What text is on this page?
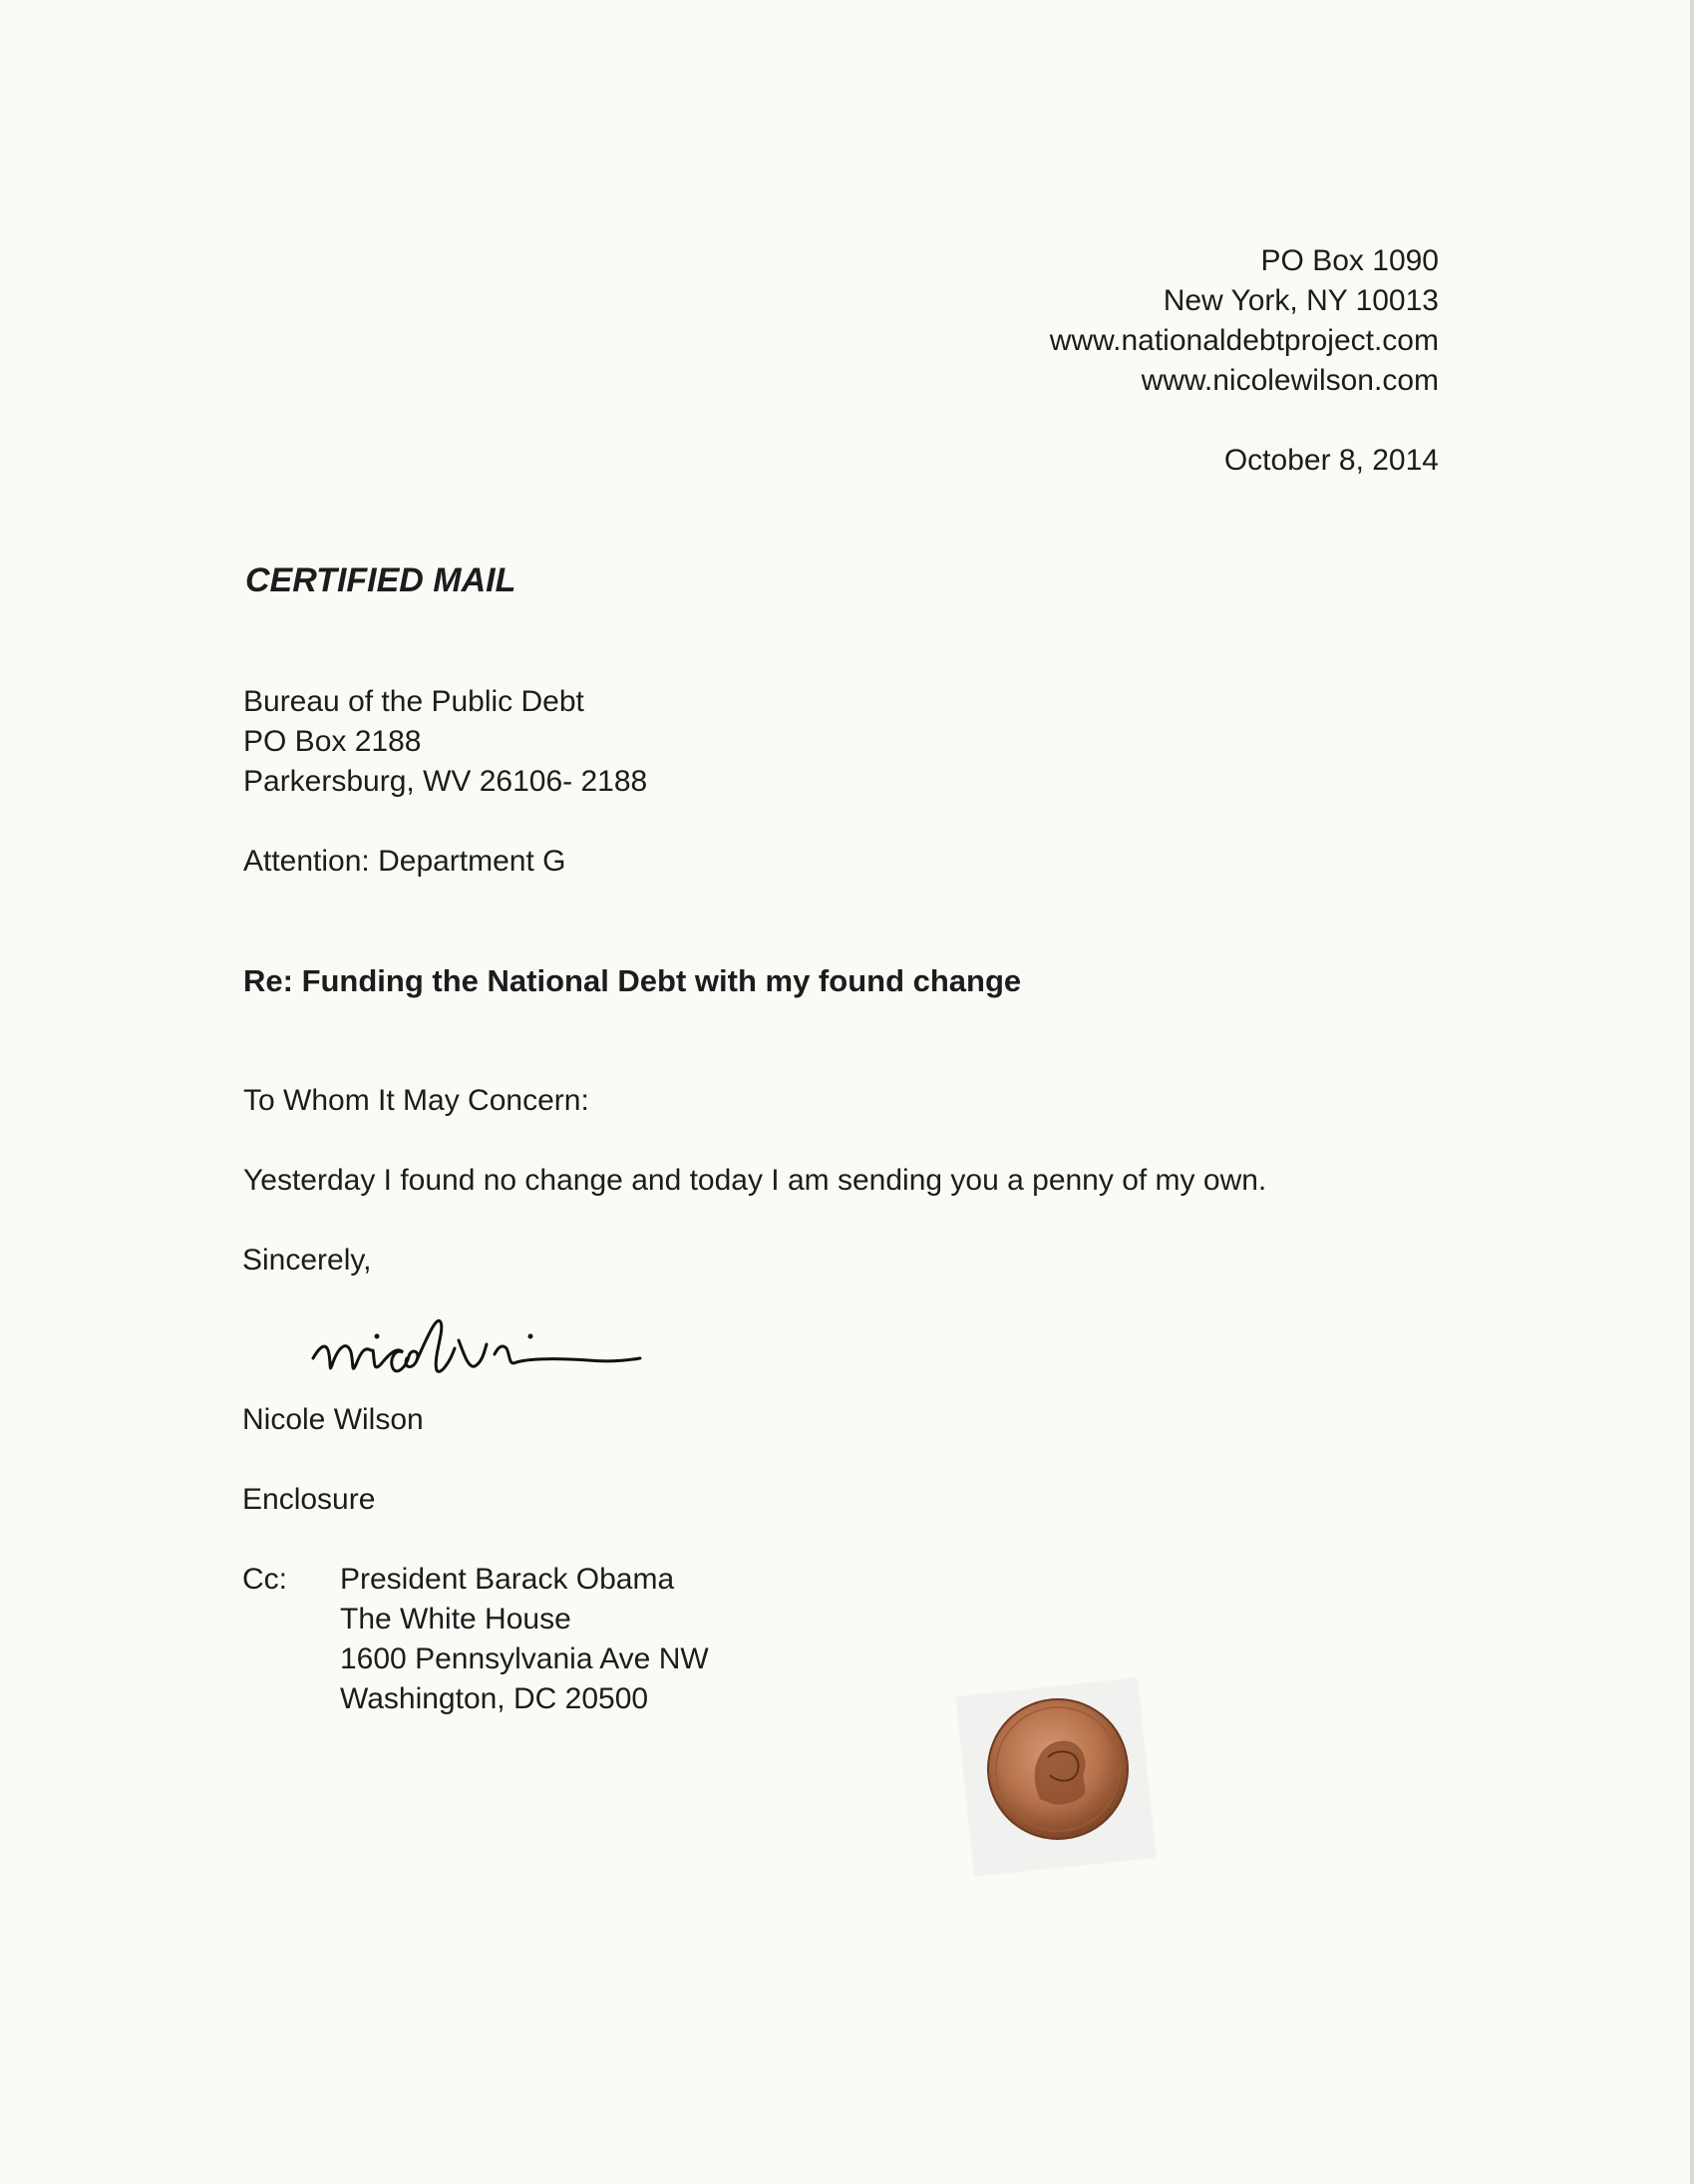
PO Box 1090
New York, NY 10013
www.nationaldebtproject.com
www.nicolewilson.com
October 8, 2014
CERTIFIED MAIL
Bureau of the Public Debt
PO Box 2188
Parkersburg, WV 26106- 2188
Attention: Department G
Re: Funding the National Debt with my found change
To Whom It May Concern:
Yesterday I found no change and today I am sending you a penny of my own.
Sincerely,
Nicole Wilson
Enclosure
Cc: President Barack Obama
The White House
1600 Pennsylvania Ave NW
Washington, DC 20500
